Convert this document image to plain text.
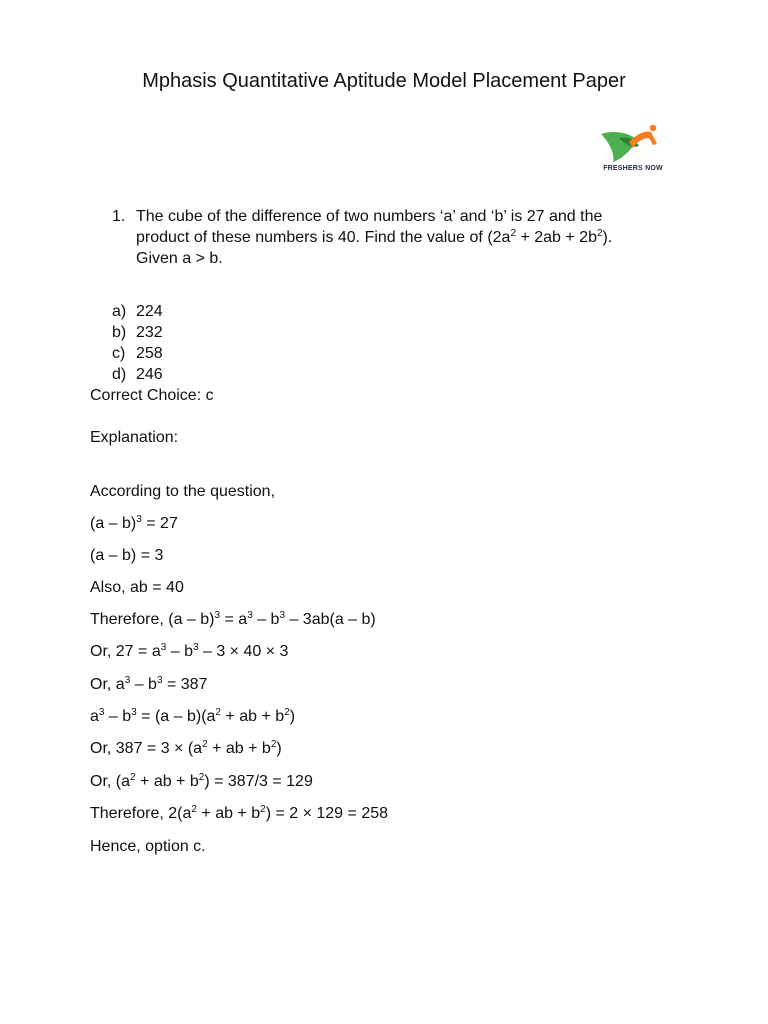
Mphasis Quantitative Aptitude Model Placement Paper
FRESHERS NOW
1. The cube of the difference of two numbers ‘a’ and ‘b’ is 27 and the
product of these numbers is 40. Find the value of $(2a^2 + 2ab + 2b^2)$.
Given a > b.
a) 224
b) 232
c) 258
d) 246
Correct Choice: c
Explanation:
According to the question,
(a – b)$^3$ = 27
(a – b) = 3
Also, ab = 40
Therefore, $(a - b)^3 = a^3 - b^3 - 3ab(a - b)$
Or, $27 = a^3 - b^3 - 3 \times 40 \times 3$
Or, $a^3 - b^3 = 387$
$a^3 - b^3 = (a - b)(a^2$ + ab + $b^2$)
Or, $387 = 3 \times (a^2$ + ab + $b^2$)
Or, ($a^2$ + ab + $b^2) = 387/3 = 129$
Therefore, $2(a^2$ + ab + $b^2) = 2 \times 129 = 258$
Hence, option c.
